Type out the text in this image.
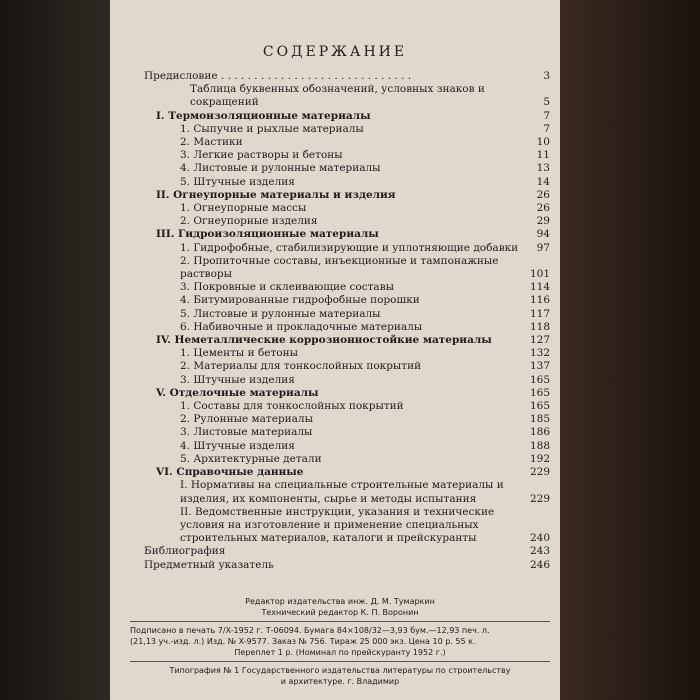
СОДЕРЖАНИЕ
Предисловие . . . . . . . . . . . . . . . . . . . . . . . . . . . . .	3
Таблица буквенных обозначений, условных знаков и сокращений	5
I. Термоизоляционные материалы	7
1. Сыпучие и рыхлые материалы	7
2. Мастики	10
3. Легкие растворы и бетоны	11
4. Листовые и рулонные материалы	13
5. Штучные изделия	14
II. Огнеупорные материалы и изделия	26
1. Огнеупорные массы	26
2. Огнеупорные изделия	29
III. Гидроизоляционные материалы	94
1. Гидрофобные, стабилизирующие и уплотняющие добавки	97
2. Пропиточные составы, инъекционные и тампонажные растворы	101
3. Покровные и склеивающие составы	114
4. Битумированные гидрофобные порошки	116
5. Листовые и рулонные материалы	117
6. Набивочные и прокладочные материалы	118
IV. Неметаллические коррозионностойкие материалы	127
1. Цементы и бетоны	132
2. Материалы для тонкослойных покрытий	137
3. Штучные изделия	165
V. Отделочные материалы	165
1. Составы для тонкослойных покрытий	165
2. Рулонные материалы	185
3. Листовые материалы	186
4. Штучные изделия	188
5. Архитектурные детали	192
VI. Справочные данные	229
I. Нормативы на специальные строительные материалы и изделия, их компоненты, сырье и методы испытания	229
II. Ведомственные инструкции, указания и технические условия на изготовление и применение специальных строительных материалов, каталоги и прейскуранты	240
Библиография	243
Предметный указатель	246
Редактор издательства инж. Д. М. Тумаркин
Технический редактор К. П. Воронин
Подписано в печать 7/X-1952 г. Т-06094. Бумага 84×108/32—3,93 бум.—12,93 печ. л.
(21,13 уч.-изд. л.) Изд. № X-9577. Заказ № 756. Тираж 25 000 экз. Цена 10 р. 55 к.
Переплет 1 р. (Номинал по прейскуранту 1952 г.)
Типография № 1 Государственного издательства литературы по строительству
и архитектуре. г. Владимир
